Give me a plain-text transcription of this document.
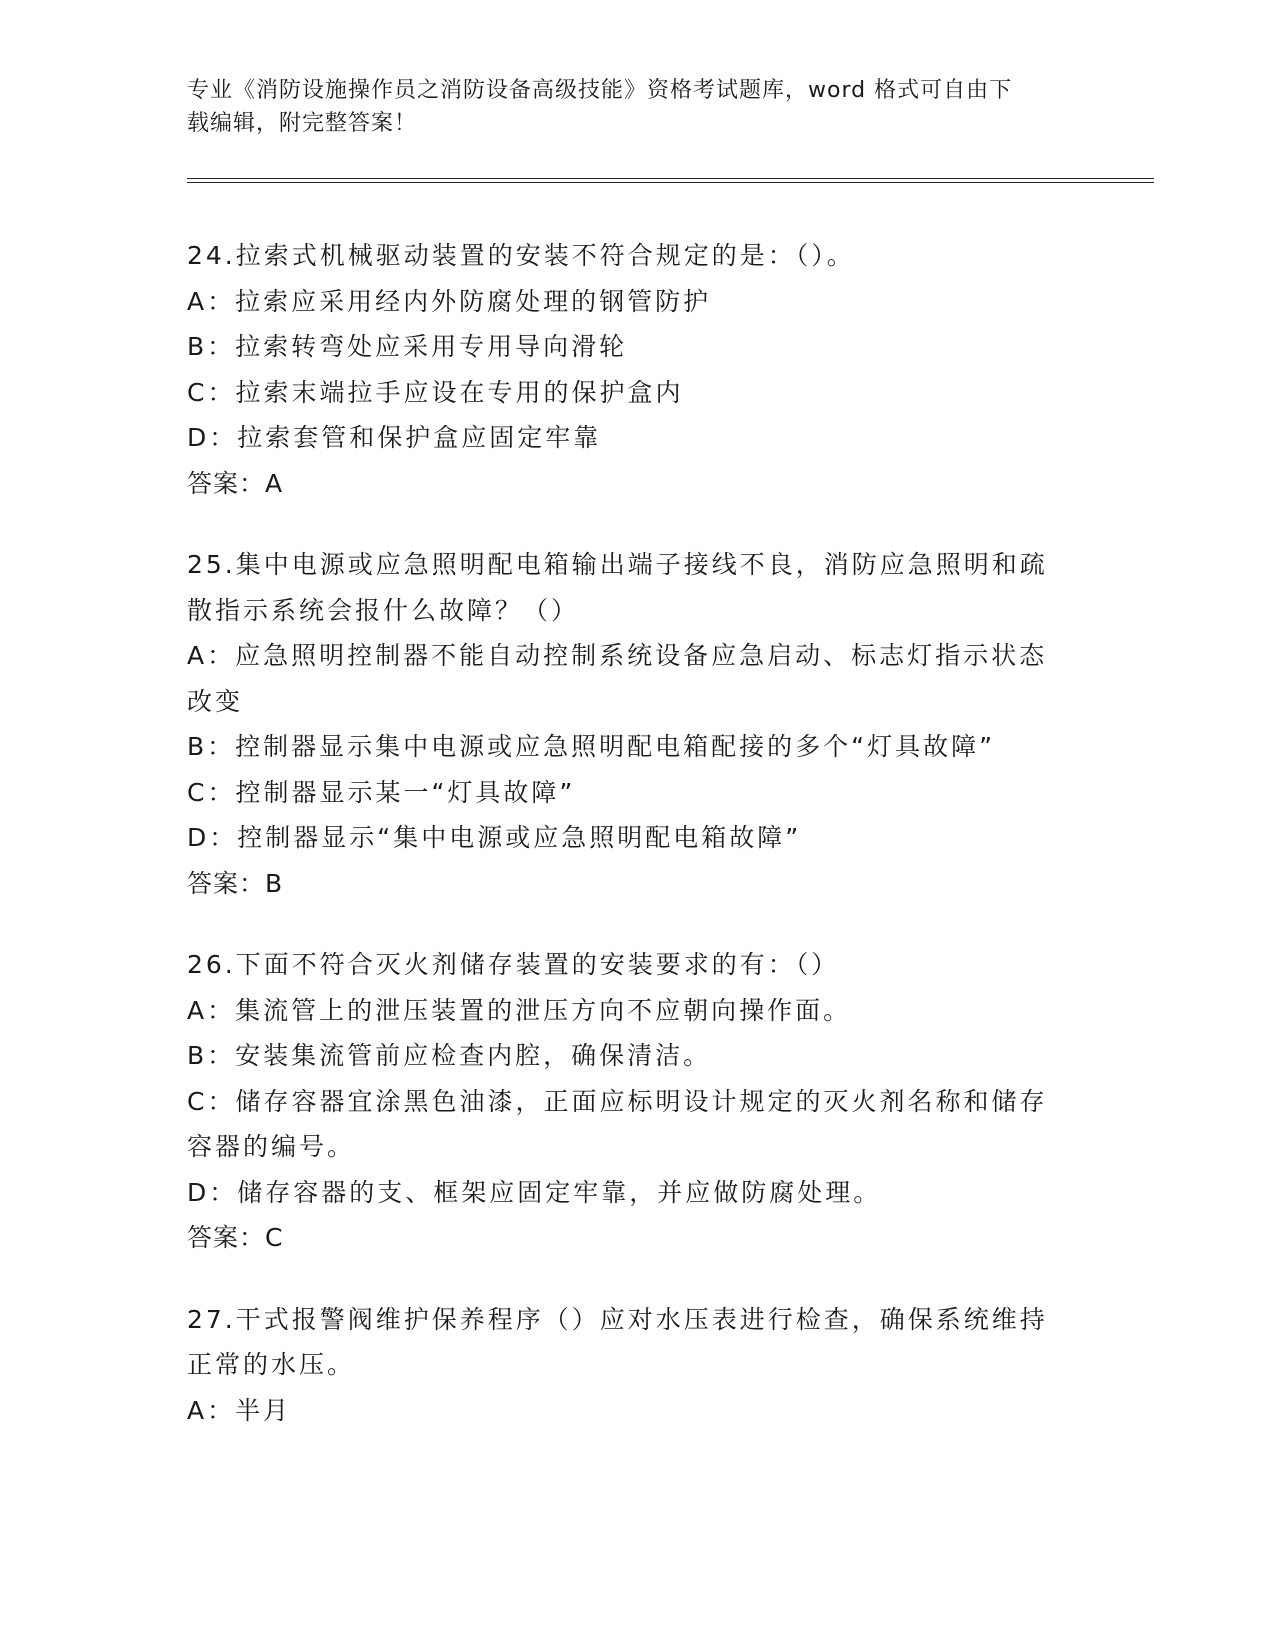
专业《消防设施操作员之消防设备高级技能》资格考试题库，word 格式可自由下
载编辑，附完整答案！

24.拉索式机械驱动装置的安装不符合规定的是：（）。

A：拉索应采用经内外防腐处理的钢管防护

B：拉索转弯处应采用专用导向滑轮

C：拉索末端拉手应设在专用的保护盒内

D：拉索套管和保护盒应固定牢靠

答案：A

25.集中电源或应急照明配电箱输出端子接线不良，消防应急照明和疏

散指示系统会报什么故障？（）

A：应急照明控制器不能自动控制系统设备应急启动、标志灯指示状态

改变

B：控制器显示集中电源或应急照明配电箱配接的多个“灯具故障”

C：控制器显示某一“灯具故障”

D：控制器显示“集中电源或应急照明配电箱故障”

答案：B

26.下面不符合灭火剂储存装置的安装要求的有：（）

A：集流管上的泄压装置的泄压方向不应朝向操作面。

B：安装集流管前应检查内腔，确保清洁。

C：储存容器宜涂黑色油漆，正面应标明设计规定的灭火剂名称和储存

容器的编号。

D：储存容器的支、框架应固定牢靠，并应做防腐处理。

答案：C

27.干式报警阀维护保养程序（）应对水压表进行检查，确保系统维持

正常的水压。

A：半月
